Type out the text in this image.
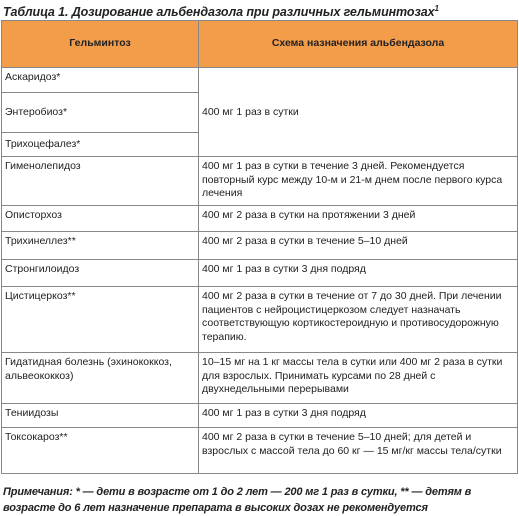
Таблица 1. Дозирование альбендазола при различных гельминтозах$^1$
Гельминтоз	Схема назначения альбендазола
Аскаридоз*	400 мг 1 раз в сутки
Энтеробиоз*	
Трихоцефалез*	
Гименолепидоз	400 мг 1 раз в сутки в течение 3 дней. Рекомендуется повторный курс между 10-м и 21-м днем после первого курса лечения
Описторхоз	400 мг 2 раза в сутки на протяжении 3 дней
Трихинеллез**	400 мг 2 раза в сутки в течение 5–10 дней
Стронгилоидоз	400 мг 1 раз в сутки 3 дня подряд
Цистицеркоз**	400 мг 2 раза в сутки в течение от 7 до 30 дней. При лечении пациентов с нейроцистицеркозом следует назначать соответствующую кортикостероидную и противосудорожную терапию.
Гидатидная болезнь (эхинококкоз, альвеококкоз)	10–15 мг на 1 кг массы тела в сутки или 400 мг 2 раза в сутки для взрослых. Принимать курсами по 28 дней с двухнедельными перерывами
Тениидозы	400 мг 1 раз в сутки 3 дня подряд
Токсокароз**	400 мг 2 раза в сутки в течение 5–10 дней; для детей и взрослых с массой тела до 60 кг — 15 мг/кг массы тела/сутки
Примечания: * — дети в возрасте от 1 до 2 лет — 200 мг 1 раз в сутки, ** — детям в возрасте до 6 лет назначение препарата в высоких дозах не рекомендуется
